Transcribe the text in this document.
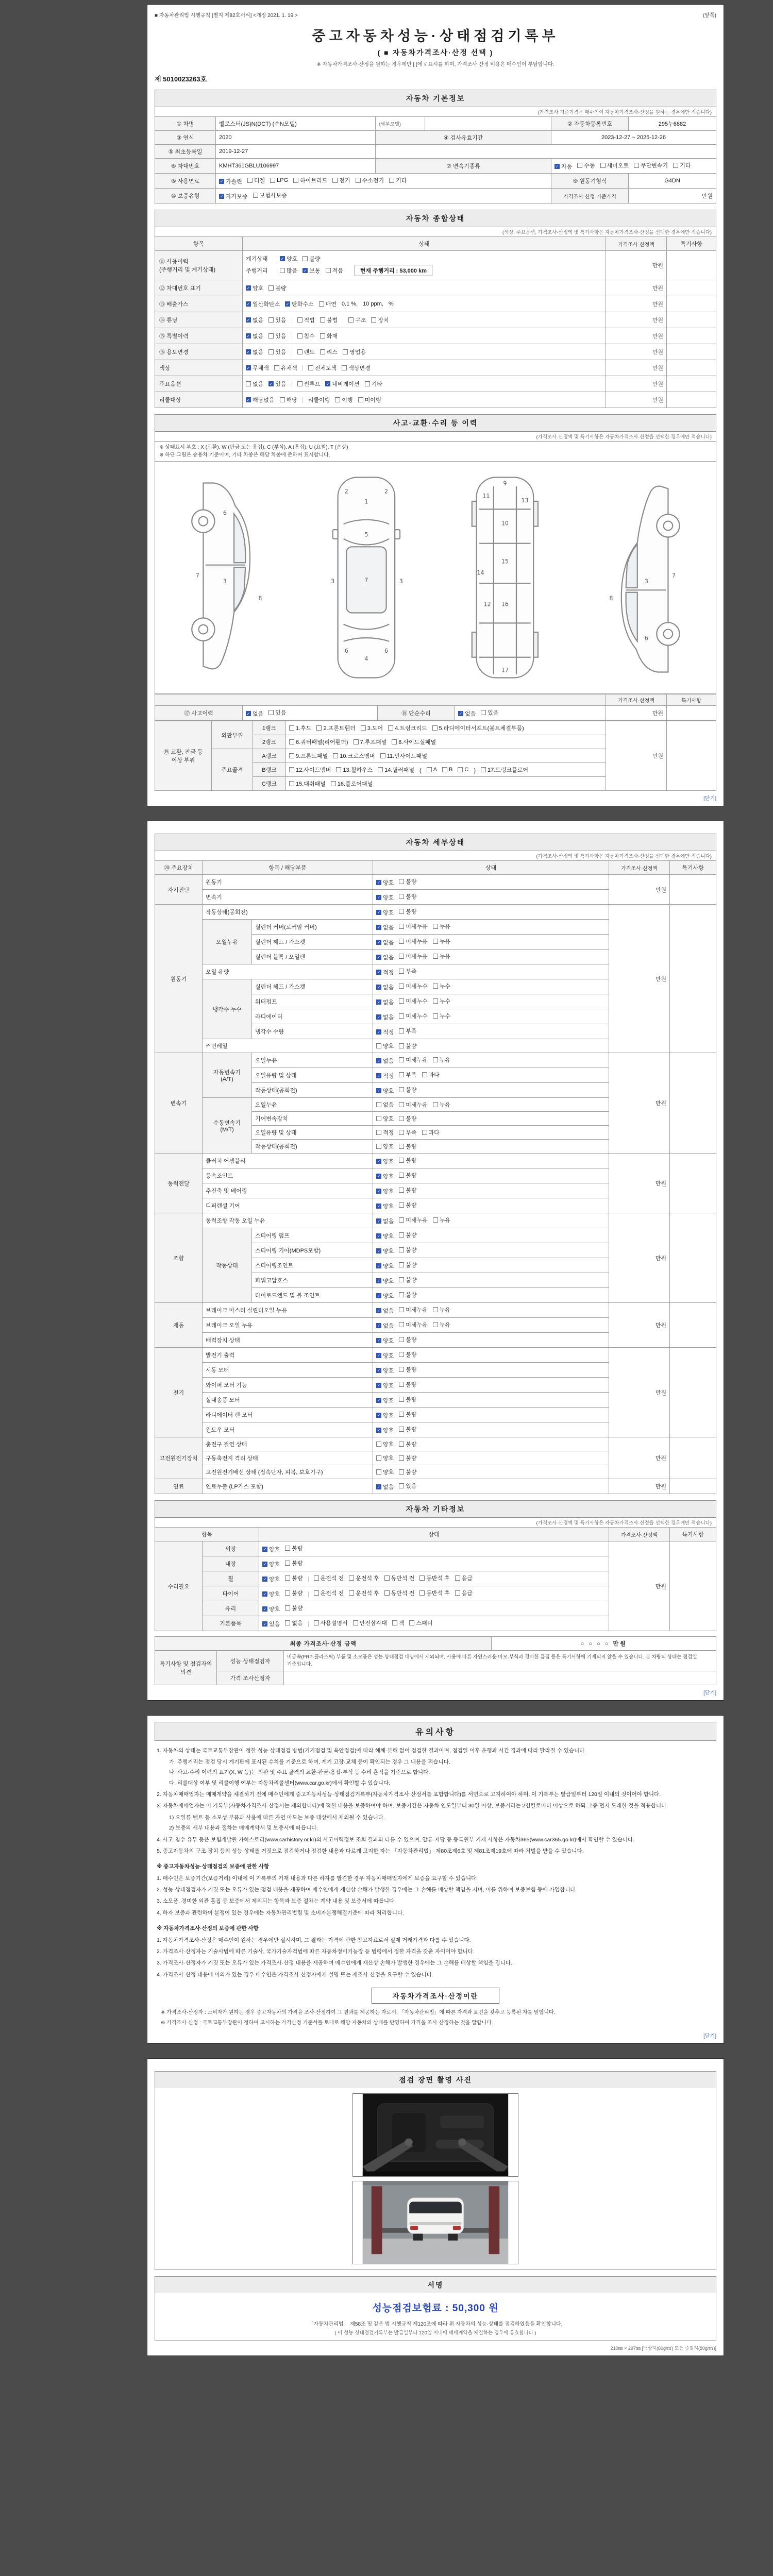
■ 자동차관리법 시행규칙 [별지 제82호서식] <개정 2021. 1. 19.>	(앞쪽)
중고자동차성능·상태점검기록부
( ■ 자동차가격조사·산정 선택 )
※ 자동차가격조사·산정을 원하는 경우에만 [ ]에 √ 표시를 하며, 가격조사·산정 비용은 매수인이 부담합니다.
제 5010023263호
자동차 기본정보
(가격조사 기준가격은 매수인이 자동차가격조사·산정을 원하는 경우에만 적습니다)
① 차명	벨로스터(JS)N(DCT) (수N모델)	(세부모델)		② 자동차등록번호	295누6882
③ 연식	2020	④ 검사유효기간		2023-12-27 ~ 2025-12-26	
⑤ 최초등록일	2019-12-27				
⑥ 차대번호	KMHT361GBLU106997	⑦ 변속기종류	✓ 자동 수동 세미오토 무단변속기 기타

⑧ 사용연료	✓ 가솔린 디젤 LPG 하이브리드 전기 수소전기 기타	⑨ 원동기형식	G4DN
⑩ 보증유형	✓ 자가보증 보험사보증			가격조사·산정 기준가격	만원
자동차 종합상태
(색상, 주요옵션, 가격조사·산정액 및 특기사항은 자동차가격조사·산정을 선택한 경우에만 적습니다)
항목	상태	가격조사·산정액	특기사항
⑪ 사용이력
(주행거리 및 계기상태)	
계기상태	✓ 양호 불량
주행거리	많음 ✓ 보통 적음	현재 주행거리 : 53,000 km
	만원	
⑫ 차대번호 표기	✓ 양호 불량	만원	
⑬ 배출가스	✓ 일산화탄소 ✓ 탄화수소 매연 0.1 %, 10 ppm, %	만원	
⑭ 튜닝	✓ 없음 있음	적법 불법	구조 장치	만원	
⑮ 특별이력	✓ 없음 있음 침수 화재	만원	
⑯ 용도변경	✓ 없음 있음	렌트 리스 영업용	만원	
색상	✓ 무채색 유채색 전체도색 색상변경	만원	
주요옵션	없음 ✓ 있음	썬루프 ✓ 네비게이션 기타	만원	
리콜대상	✓ 해당없음 해당 리콜이행 이행 미이행	만원	
사고·교환·수리 등 이력
(가격조사·산정액 및 특기사항은 자동차가격조사·산정을 선택한 경우에만 적습니다)
※ 상태표시 부호 : X (교환), W (판금 또는 용접), C (부식), A (흠집), U (요철), T (손상)
※ 하단 그림은 승용차 기준이며, 기타 차종은 해당 차종에 준하여 표시합니다.
3
6
7
8
1
2	2
7
4
6	6
3	3
5
9
10
11
12
13
14
15
16
17
3
6
7
8
				가격조사·산정액	특기사항
⑰ 사고이력	✓ 없음 있음	⑱ 단순수리	✓ 없음 있음	만원	
⑲ 교환, 판금 등 이상 부위	외판부위	1랭크	1.후드 2.프론트휀더 3.도어 4.트렁크리드 5.라디에이터서포트(볼트체결부품)	만원	
		2랭크	6.쿼터패널(리어휀더) 7.루프패널 8.사이드실패널		

	주요골격	A랭크	9.프론트패널 10.크로스멤버 11.인사이드패널		

B랭크	12.사이드멤버 13.휠하우스 14.필러패널 ( A B C ) 17.트렁크플로어

		C랭크	15.대쉬패널 16.플로어패널		
[닫기]
자동차 세부상태
(가격조사·산정액 및 특기사항은 자동차가격조사·산정을 선택한 경우에만 적습니다)
⑳ 주요장치	항목 / 해당부품		상태	가격조사·산정액	특기사항
자기진단	원동기		✓ 양호 불량	만원	
	변속기		✓ 양호 불량		

원동기	작동상태(공회전)		✓ 양호 불량	만원	
	오일누유	실린더 커버(로커암 커버)	✓ 없음 미세누유 누유		

		실린더 헤드 / 가스켓	✓ 없음 미세누유 누유		

		실린더 블록 / 오일팬	✓ 없음 미세누유 누유		

	오일 유량		✓ 적정 부족		

	냉각수 누수	실린더 헤드 / 가스켓	✓ 없음 미세누수 누수		

		워터펌프	✓ 없음 미세누수 누수		

		라디에이터	✓ 없음 미세누수 누수		

		냉각수 수량	✓ 적정 부족		

	커먼레일		양호 불량		

변속기	자동변속기
(A/T)	오일누유	✓ 없음 미세누유 누유	만원	
		오일유량 및 상태	✓ 적정 부족 과다		

		작동상태(공회전)	✓ 양호 불량		

	수동변속기
(M/T)	오일누유	없음 미세누유 누유		

		기어변속장치	양호 불량		

		오일유량 및 상태	적정 부족 과다		

		작동상태(공회전)	양호 불량		

동력전달	클러치 어셈블리		✓ 양호 불량	만원	
	등속조인트		✓ 양호 불량		

	추진축 및 베어링		✓ 양호 불량		

	디퍼렌셜 기어		✓ 양호 불량		

조향	동력조향 작동 오일 누유		✓ 없음 미세누유 누유	만원	
	작동상태	스티어링 펌프	✓ 양호 불량		

		스티어링 기어(MDPS포함)	✓ 양호 불량		

		스티어링조인트	✓ 양호 불량		

		파워고압호스	✓ 양호 불량		

		타이로드엔드 및 볼 조인트	✓ 양호 불량		

제동	브레이크 마스터 실린더오일 누유		✓ 없음 미세누유 누유	만원	
	브레이크 오일 누유		✓ 없음 미세누유 누유		

	배력장치 상태		✓ 양호 불량		

전기	발전기 출력		✓ 양호 불량	만원	
	시동 모터		✓ 양호 불량		

	와이퍼 모터 기능		✓ 양호 불량		

	실내송풍 모터		✓ 양호 불량		

	라디에이터 팬 모터		✓ 양호 불량		

	윈도우 모터		✓ 양호 불량		

고전원전기장치	충전구 절연 상태		양호 불량	만원	
	구동축전지 격리 상태		양호 불량		

	고전원전기배선 상태 (접속단자, 피복, 보호기구)		양호 불량		

연료	연료누출 (LP가스 포함)		✓ 없음 있음	만원	
자동차 기타정보
(가격조사·산정액 및 특기사항은 자동차가격조사·산정을 선택한 경우에만 적습니다)
항목		상태	가격조사·산정액	특기사항
수리필요	외장	✓ 양호 불량	만원	
	내장	✓ 양호 불량		

휠	✓ 양호 불량	운전석 전 운전석 후 동반석 전 동반석 후 응급

타이어	✓ 양호 불량	운전석 전 운전석 후 동반석 전 동반석 후 응급

	유리	✓ 양호 불량		

기본품목	✓ 있음 없음	사용설명서 안전삼각대 잭 스패너
최종 가격조사·산정 금액	○ ○ ○ ○ 만원
특기사항 및 점검자의 의견	성능·상태점검자	비금속(FRP·플라스틱) 부품 및 소모품은 성능·상태점검 대상에서 제외되며, 사용에 따른 자연스러운 마모·부식과 경미한 흠집 등은 특기사항에 기재되지 않을 수 있습니다. 본 차량의 상태는 점검일 기준입니다.
	가격·조사산정자	
[닫기]
유의사항
1. 자동차의 상태는 국토교통부장관이 정한 성능·상태점검 방법(기기점검 및 육안점검)에 따라 해체·분해 없이 점검한 결과이며, 점검일 이후 운행과 시간 경과에 따라 달라질 수 있습니다.
가. 주행거리는 점검 당시 계기판에 표시된 수치를 기준으로 하며, 계기 고장·교체 등이 확인되는 경우 그 내용을 적습니다.
나. 사고·수리 이력의 표기(X, W 등)는 외판 및 주요 골격의 교환·판금·용접·부식 등 수리 흔적을 기준으로 합니다.
다. 리콜대상 여부 및 리콜이행 여부는 자동차리콜센터(www.car.go.kr)에서 확인할 수 있습니다.
2. 자동차매매업자는 매매계약을 체결하기 전에 매수인에게 중고자동차성능·상태점검기록부(자동차가격조사·산정서를 포함합니다)를 서면으로 고지하여야 하며, 이 기록부는 발급일부터 120일 이내의 것이어야 합니다.
3. 자동차매매업자는 이 기록부(자동차가격조사·산정서는 제외합니다)에 적힌 내용을 보증하여야 하며, 보증기간은 자동차 인도일부터 30일 이상, 보증거리는 2천킬로미터 이상으로 하되 그중 먼저 도래한 것을 적용합니다.
1) 오일류·벨트 등 소모성 부품과 사용에 따른 자연 마모는 보증 대상에서 제외될 수 있습니다.
2) 보증의 세부 내용과 절차는 매매계약서 및 보증서에 따릅니다.
4. 사고·침수 유무 등은 보험개발원 카히스토리(www.carhistory.or.kr)의 사고이력정보 조회 결과와 다를 수 있으며, 압류·저당 등 등록원부 기재 사항은 자동차365(www.car365.go.kr)에서 확인할 수 있습니다.
5. 중고자동차의 구조·장치 등의 성능·상태를 거짓으로 점검하거나 점검한 내용과 다르게 고지한 자는 「자동차관리법」 제80조제6호 및 제81조제19호에 따라 처벌을 받을 수 있습니다.
※ 중고자동차성능·상태점검의 보증에 관한 사항
1. 매수인은 보증기간(보증거리) 이내에 이 기록부의 기재 내용과 다른 하자를 발견한 경우 자동차매매업자에게 보증을 요구할 수 있습니다.
2. 성능·상태점검자가 거짓 또는 오류가 있는 점검 내용을 제공하여 매수인에게 재산상 손해가 발생한 경우에는 그 손해를 배상할 책임을 지며, 이를 위하여 보증보험 등에 가입합니다.
3. 소모품, 경미한 외관 흠집 등 보증에서 제외되는 항목과 보증 절차는 계약 내용 및 보증서에 따릅니다.
4. 하자 보증과 관련하여 분쟁이 있는 경우에는 자동차관리법령 및 소비자분쟁해결기준에 따라 처리합니다.
※ 자동차가격조사·산정의 보증에 관한 사항
1. 자동차가격조사·산정은 매수인이 원하는 경우에만 실시하며, 그 결과는 가격에 관한 참고자료로서 실제 거래가격과 다를 수 있습니다.
2. 가격조사·산정자는 기술사법에 따른 기술사, 국가기술자격법에 따른 자동차정비기능장 등 법령에서 정한 자격을 갖춘 자이어야 합니다.
3. 가격조사·산정자가 거짓 또는 오류가 있는 가격조사·산정 내용을 제공하여 매수인에게 재산상 손해가 발생한 경우에는 그 손해를 배상할 책임을 집니다.
4. 가격조사·산정 내용에 이의가 있는 경우 매수인은 가격조사·산정자에게 설명 또는 재조사·산정을 요구할 수 있습니다.
자동차가격조사·산정이란
※ 가격조사·산정자 : 소비자가 원하는 경우 중고자동차의 가격을 조사·산정하여 그 결과를 제공하는 자로서, 「자동차관리법」에 따른 자격과 요건을 갖추고 등록된 자를 말합니다.
※ 가격조사·산정 : 국토교통부장관이 정하여 고시하는 가격산정 기준서를 토대로 해당 자동차의 상태를 반영하여 가격을 조사·산정하는 것을 말합니다.
[닫기]
점검 장면 촬영 사진
서명
성능점검보험료 : 50,300 원
「자동차관리법」 제58조 및 같은 법 시행규칙 제120조에 따라 위 자동차의 성능·상태를 점검하였음을 확인합니다.
( 이 성능·상태점검기록부는 발급일부터 120일 이내에 매매계약을 체결하는 경우에 유효합니다 )
210㎜ × 297㎜ [백상지(80g/㎡) 또는 중질지(80g/㎡)]
